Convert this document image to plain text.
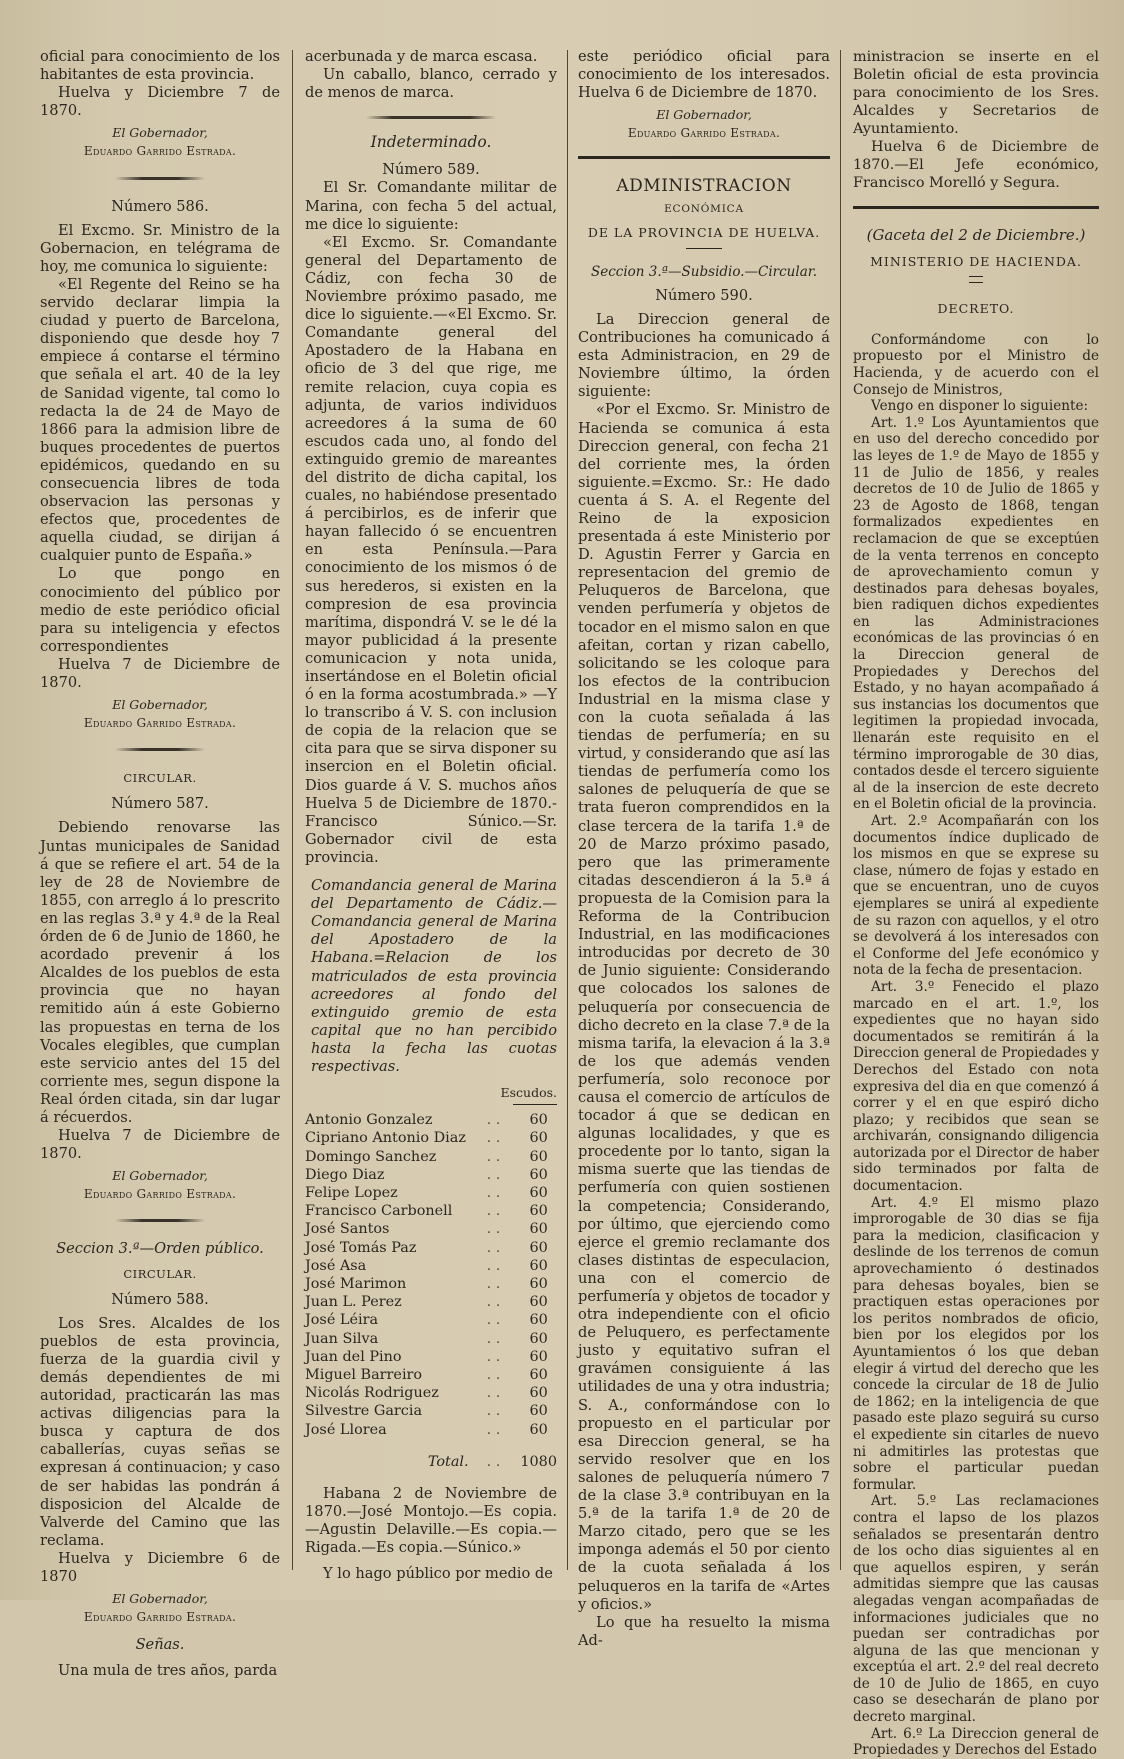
oficial para conocimiento de los habitantes de esta provincia.

Huelva y Diciembre 7 de 1870.

El Gobernador,
Eduardo Garrido Estrada.
Número 586.

El Excmo. Sr. Ministro de la Gobernacion, en telégrama de hoy, me comunica lo siguiente:

«El Regente del Reino se ha servido declarar limpia la ciudad y puerto de Barcelona, disponiendo que desde hoy 7 empiece á contarse el término que señala el art. 40 de la ley de Sanidad vigente, tal como lo redacta la de 24 de Mayo de 1866 para la admision libre de buques procedentes de puertos epidémicos, quedando en su consecuencia libres de toda observacion las personas y efectos que, procedentes de aquella ciudad, se dirijan á cualquier punto de España.»

Lo que pongo en conocimiento del público por medio de este periódico oficial para su inteligencia y efectos correspondientes

Huelva 7 de Diciembre de 1870.

El Gobernador,
Eduardo Garrido Estrada.
CIRCULAR.
Número 587.

Debiendo renovarse las Juntas municipales de Sanidad á que se refiere el art. 54 de la ley de 28 de Noviembre de 1855, con arreglo á lo prescrito en las reglas 3.ª y 4.ª de la Real órden de 6 de Junio de 1860, he acordado prevenir á los Alcaldes de los pueblos de esta provincia que no hayan remitido aún á este Gobierno las propuestas en terna de los Vocales elegibles, que cumplan este servicio antes del 15 del corriente mes, segun dispone la Real órden citada, sin dar lugar á récuerdos.

Huelva 7 de Diciembre de 1870.

El Gobernador,
Eduardo Garrido Estrada.
Seccion 3.ª—Orden público.
CIRCULAR.
Número 588.

Los Sres. Alcaldes de los pueblos de esta provincia, fuerza de la guardia civil y demás dependientes de mi autoridad, practicarán las mas activas diligencias para la busca y captura de dos caballerías, cuyas señas se expresan á continuacion; y caso de ser habidas las pondrán á disposicion del Alcalde de Valverde del Camino que las reclama.

Huelva y Diciembre 6 de 1870

El Gobernador,
Eduardo Garrido Estrada.
Señas.

Una mula de tres años, parda

acerbunada y de marca escasa.

Un caballo, blanco, cerrado y de menos de marca.

Indeterminado.
Número 589.

El Sr. Comandante militar de Marina, con fecha 5 del actual, me dice lo siguiente:

«El Excmo. Sr. Comandante general del Departamento de Cádiz, con fecha 30 de Noviembre próximo pasado, me dice lo siguiente.—«El Excmo. Sr. Comandante general del Apostadero de la Habana en oficio de 3 del que rige, me remite relacion, cuya copia es adjunta, de varios individuos acreedores á la suma de 60 escudos cada uno, al fondo del extinguido gremio de mareantes del distrito de dicha capital, los cuales, no habiéndose presentado á percibirlos, es de inferir que hayan fallecido ó se encuentren en esta Península.—Para conocimiento de los mismos ó de sus herederos, si existen en la compresion de esa provincia marítima, dispondrá V. se le dé la mayor publicidad á la presente comunicacion y nota unida, insertándose en el Boletin oficial ó en la forma acostumbrada.» —Y lo transcribo á V. S. con inclusion de copia de la relacion que se cita para que se sirva disponer su insercion en el Boletin oficial. Dios guarde á V. S. muchos años Huelva 5 de Diciembre de 1870.-Francisco Súnico.—Sr. Gobernador civil de esta provincia.

Comandancia general de Marina del Departamento de Cádiz.—Comandancia general de Marina del Apostadero de la Habana.=Relacion de los matriculados de esta provincia acreedores al fondo del extinguido gremio de esta capital que no han percibido hasta la fecha las cuotas respectivas.

Escudos.
Antonio Gonzalez	. .	60
Cipriano Antonio Diaz	. .	60
Domingo Sanchez	. .	60
Diego Diaz	. .	60
Felipe Lopez	. .	60
Francisco Carbonell	. .	60
José Santos	. .	60
José Tomás Paz	. .	60
José Asa	. .	60
José Marimon	. .	60
Juan L. Perez	. .	60
José Léira	. .	60
Juan Silva	. .	60
Juan del Pino	. .	60
Miguel Barreiro	. .	60
Nicolás Rodriguez	. .	60
Silvestre Garcia	. .	60
José Llorea	. .	60
Total.	. .	1080

Habana 2 de Noviembre de 1870.—José Montojo.—Es copia.—Agustin Delaville.—Es copia.—Rigada.—Es copia.—Súnico.»

Y lo hago público por medio de

este periódico oficial para conocimiento de los interesados. Huelva 6 de Diciembre de 1870.

El Gobernador,
Eduardo Garrido Estrada.
ADMINISTRACION
ECONÓMICA
DE LA PROVINCIA DE HUELVA.
Seccion 3.ª—Subsidio.—Circular.
Número 590.

La Direccion general de Contribuciones ha comunicado á esta Administracion, en 29 de Noviembre último, la órden siguiente:

«Por el Excmo. Sr. Ministro de Hacienda se comunica á esta Direccion general, con fecha 21 del corriente mes, la órden siguiente.=Excmo. Sr.: He dado cuenta á S. A. el Regente del Reino de la exposicion presentada á este Ministerio por D. Agustin Ferrer y Garcia en representacion del gremio de Peluqueros de Barcelona, que venden perfumería y objetos de tocador en el mismo salon en que afeitan, cortan y rizan cabello, solicitando se les coloque para los efectos de la contribucion Industrial en la misma clase y con la cuota señalada á las tiendas de perfumería; en su virtud, y considerando que así las tiendas de perfumería como los salones de peluquería de que se trata fueron comprendidos en la clase tercera de la tarifa 1.ª de 20 de Marzo próximo pasado, pero que las primeramente citadas descendieron á la 5.ª á propuesta de la Comision para la Reforma de la Contribucion Industrial, en las modificaciones introducidas por decreto de 30 de Junio siguiente: Considerando que colocados los salones de peluquería por consecuencia de dicho decreto en la clase 7.ª de la misma tarifa, la elevacion á la 3.ª de los que además venden perfumería, solo reconoce por causa el comercio de artículos de tocador á que se dedican en algunas localidades, y que es procedente por lo tanto, sigan la misma suerte que las tiendas de perfumería con quien sostienen la competencia; Considerando, por último, que ejerciendo como ejerce el gremio reclamante dos clases distintas de especulacion, una con el comercio de perfumería y objetos de tocador y otra independiente con el oficio de Peluquero, es perfectamente justo y equitativo sufran el gravámen consiguiente á las utilidades de una y otra industria; S. A., conformándose con lo propuesto en el particular por esa Direccion general, se ha servido resolver que en los salones de peluquería número 7 de la clase 3.ª contribuyan en la 5.ª de la tarifa 1.ª de 20 de Marzo citado, pero que se les imponga además el 50 por ciento de la cuota señalada á los peluqueros en la tarifa de «Artes y oficios.»

Lo que ha resuelto la misma Ad-

ministracion se inserte en el Boletin oficial de esta provincia para conocimiento de los Sres. Alcaldes y Secretarios de Ayuntamiento.

Huelva 6 de Diciembre de 1870.—El Jefe económico, Francisco Morelló y Segura.

(Gaceta del 2 de Diciembre.)
MINISTERIO DE HACIENDA.
DECRETO.

Conformándome con lo propuesto por el Ministro de Hacienda, y de acuerdo con el Consejo de Ministros,

Vengo en disponer lo siguiente:

Art. 1.º Los Ayuntamientos que en uso del derecho concedido por las leyes de 1.º de Mayo de 1855 y 11 de Julio de 1856, y reales decretos de 10 de Julio de 1865 y 23 de Agosto de 1868, tengan formalizados expedientes en reclamacion de que se exceptúen de la venta terrenos en concepto de aprovechamiento comun y destinados para dehesas boyales, bien radiquen dichos expedientes en las Administraciones económicas de las provincias ó en la Direccion general de Propiedades y Derechos del Estado, y no hayan acompañado á sus instancias los documentos que legitimen la propiedad invocada, llenarán este requisito en el término improrogable de 30 dias, contados desde el tercero siguiente al de la insercion de este decreto en el Boletin oficial de la provincia.

Art. 2.º Acompañarán con los documentos índice duplicado de los mismos en que se exprese su clase, número de fojas y estado en que se encuentran, uno de cuyos ejemplares se unirá al expediente de su razon con aquellos, y el otro se devolverá á los interesados con el Conforme del Jefe económico y nota de la fecha de presentacion.

Art. 3.º Fenecido el plazo marcado en el art. 1.º, los expedientes que no hayan sido documentados se remitirán á la Direccion general de Propiedades y Derechos del Estado con nota expresiva del dia en que comenzó á correr y el en que espiró dicho plazo; y recibidos que sean se archivarán, consignando diligencia autorizada por el Director de haber sido terminados por falta de documentacion.

Art. 4.º El mismo plazo improrogable de 30 dias se fija para la medicion, clasificacion y deslinde de los terrenos de comun aprovechamiento ó destinados para dehesas boyales, bien se practiquen estas operaciones por los peritos nombrados de oficio, bien por los elegidos por los Ayuntamientos ó los que deban elegir á virtud del derecho que les concede la circular de 18 de Julio de 1862; en la inteligencia de que pasado este plazo seguirá su curso el expediente sin citarles de nuevo ni admitirles las protestas que sobre el particular puedan formular.

Art. 5.º Las reclamaciones contra el lapso de los plazos señalados se presentarán dentro de los ocho dias siguientes al en que aquellos espiren, y serán admitidas siempre que las causas alegadas vengan acompañadas de informaciones judiciales que no puedan ser contradichas por alguna de las que mencionan y exceptúa el art. 2.º del real decreto de 10 de Julio de 1865, en cuyo caso se desecharán de plano por decreto marginal.

Art. 6.º La Direccion general de Propiedades y Derechos del Estado
